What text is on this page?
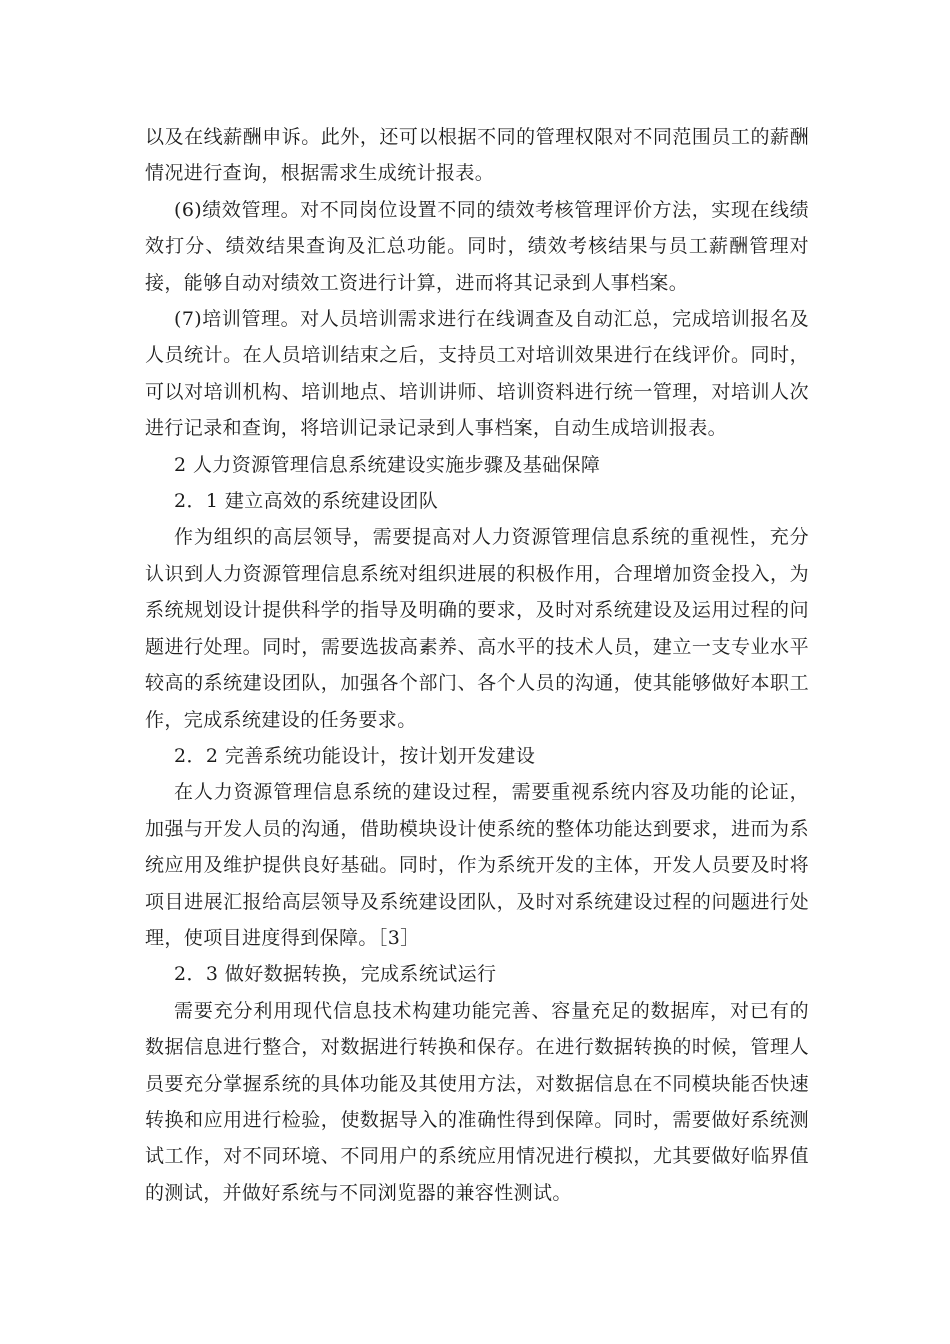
以及在线薪酬申诉。此外，还可以根据不同的管理权限对不同范围员工的薪酬情况进行查询，根据需求生成统计报表。

(6)绩效管理。对不同岗位设置不同的绩效考核管理评价方法，实现在线绩效打分、绩效结果查询及汇总功能。同时，绩效考核结果与员工薪酬管理对接，能够自动对绩效工资进行计算，进而将其记录到人事档案。

(7)培训管理。对人员培训需求进行在线调查及自动汇总，完成培训报名及人员统计。在人员培训结束之后，支持员工对培训效果进行在线评价。同时，可以对培训机构、培训地点、培训讲师、培训资料进行统一管理，对培训人次进行记录和查询，将培训记录记录到人事档案，自动生成培训报表。

2 人力资源管理信息系统建设实施步骤及基础保障

2．1 建立高效的系统建设团队

作为组织的高层领导，需要提高对人力资源管理信息系统的重视性，充分认识到人力资源管理信息系统对组织进展的积极作用，合理增加资金投入，为系统规划设计提供科学的指导及明确的要求，及时对系统建设及运用过程的问题进行处理。同时，需要选拔高素养、高水平的技术人员，建立一支专业水平较高的系统建设团队，加强各个部门、各个人员的沟通，使其能够做好本职工作，完成系统建设的任务要求。

2．2 完善系统功能设计，按计划开发建设

在人力资源管理信息系统的建设过程，需要重视系统内容及功能的论证，加强与开发人员的沟通，借助模块设计使系统的整体功能达到要求，进而为系统应用及维护提供良好基础。同时，作为系统开发的主体，开发人员要及时将项目进展汇报给高层领导及系统建设团队，及时对系统建设过程的问题进行处理，使项目进度得到保障。［3］

2．3 做好数据转换，完成系统试运行

需要充分利用现代信息技术构建功能完善、容量充足的数据库，对已有的数据信息进行整合，对数据进行转换和保存。在进行数据转换的时候，管理人员要充分掌握系统的具体功能及其使用方法，对数据信息在不同模块能否快速转换和应用进行检验，使数据导入的准确性得到保障。同时，需要做好系统测试工作，对不同环境、不同用户的系统应用情况进行模拟，尤其要做好临界值的测试，并做好系统与不同浏览器的兼容性测试。
